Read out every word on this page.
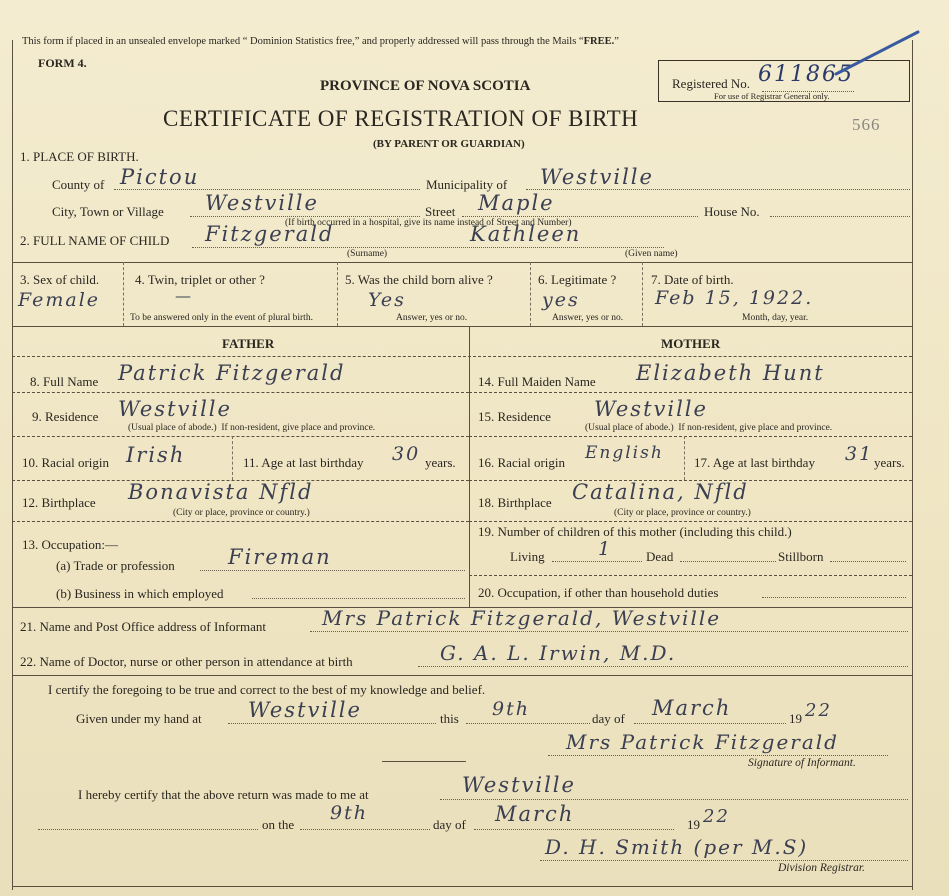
This form if placed in an unsealed envelope marked “ Dominion Statistics free,” and properly addressed will pass through the Mails “FREE.”
FORM 4.
PROVINCE OF NOVA SCOTIA
CERTIFICATE OF REGISTRATION OF BIRTH
(BY PARENT OR GUARDIAN)
Registered No. 611865
For use of Registrar General only.
566
1. PLACE OF BIRTH.
County of Pictou	Municipality of Westville
City, Town or Village Westville	Street Maple	House No.
(If birth occurred in a hospital, give its name instead of Street and Number)
2. FULL NAME OF CHILD Fitzgerald	Kathleen
(Surname)	(Given name)
3. Sex of child.
Female
4. Twin, triplet or other ?
—
To be answered only in the event of plural birth.
5. Was the child born alive ?
Yes
Answer, yes or no.
6. Legitimate ?
yes
Answer, yes or no.
7. Date of birth.
Feb 15, 1922.
Month, day, year.
FATHER	MOTHER
8. Full Name Patrick Fitzgerald
9. Residence Westville
(Usual place of abode.) If non-resident, give place and province.
10. Racial origin Irish	11. Age at last birthday 30 years.
12. Birthplace Bonavista Nfld
(City or place, province or country.)
13. Occupation:—
(a) Trade or profession	Fireman
(b) Business in which employed
14. Full Maiden Name Elizabeth Hunt
15. Residence Westville
(Usual place of abode.) If non-resident, give place and province.
16. Racial origin English 17. Age at last birthday 31 years.
18. Birthplace Catalina, Nfld
(City or place, province or country.)
19. Number of children of this mother (including this child.)
Living	1	Dead	Stillborn
20. Occupation, if other than household duties
21. Name and Post Office address of Informant	Mrs Patrick Fitzgerald, Westville
22. Name of Doctor, nurse or other person in attendance at birth	G. A. L. Irwin, M.D.
I certify the foregoing to be true and correct to the best of my knowledge and belief.
Given under my hand at Westville	this 9th	day of March	19 22
Mrs Patrick Fitzgerald
Signature of Informant.
I hereby certify that the above return was made to me at	Westville
on the
9th
day of March	19 22
D. H. Smith (per M.S)
Division Registrar.
